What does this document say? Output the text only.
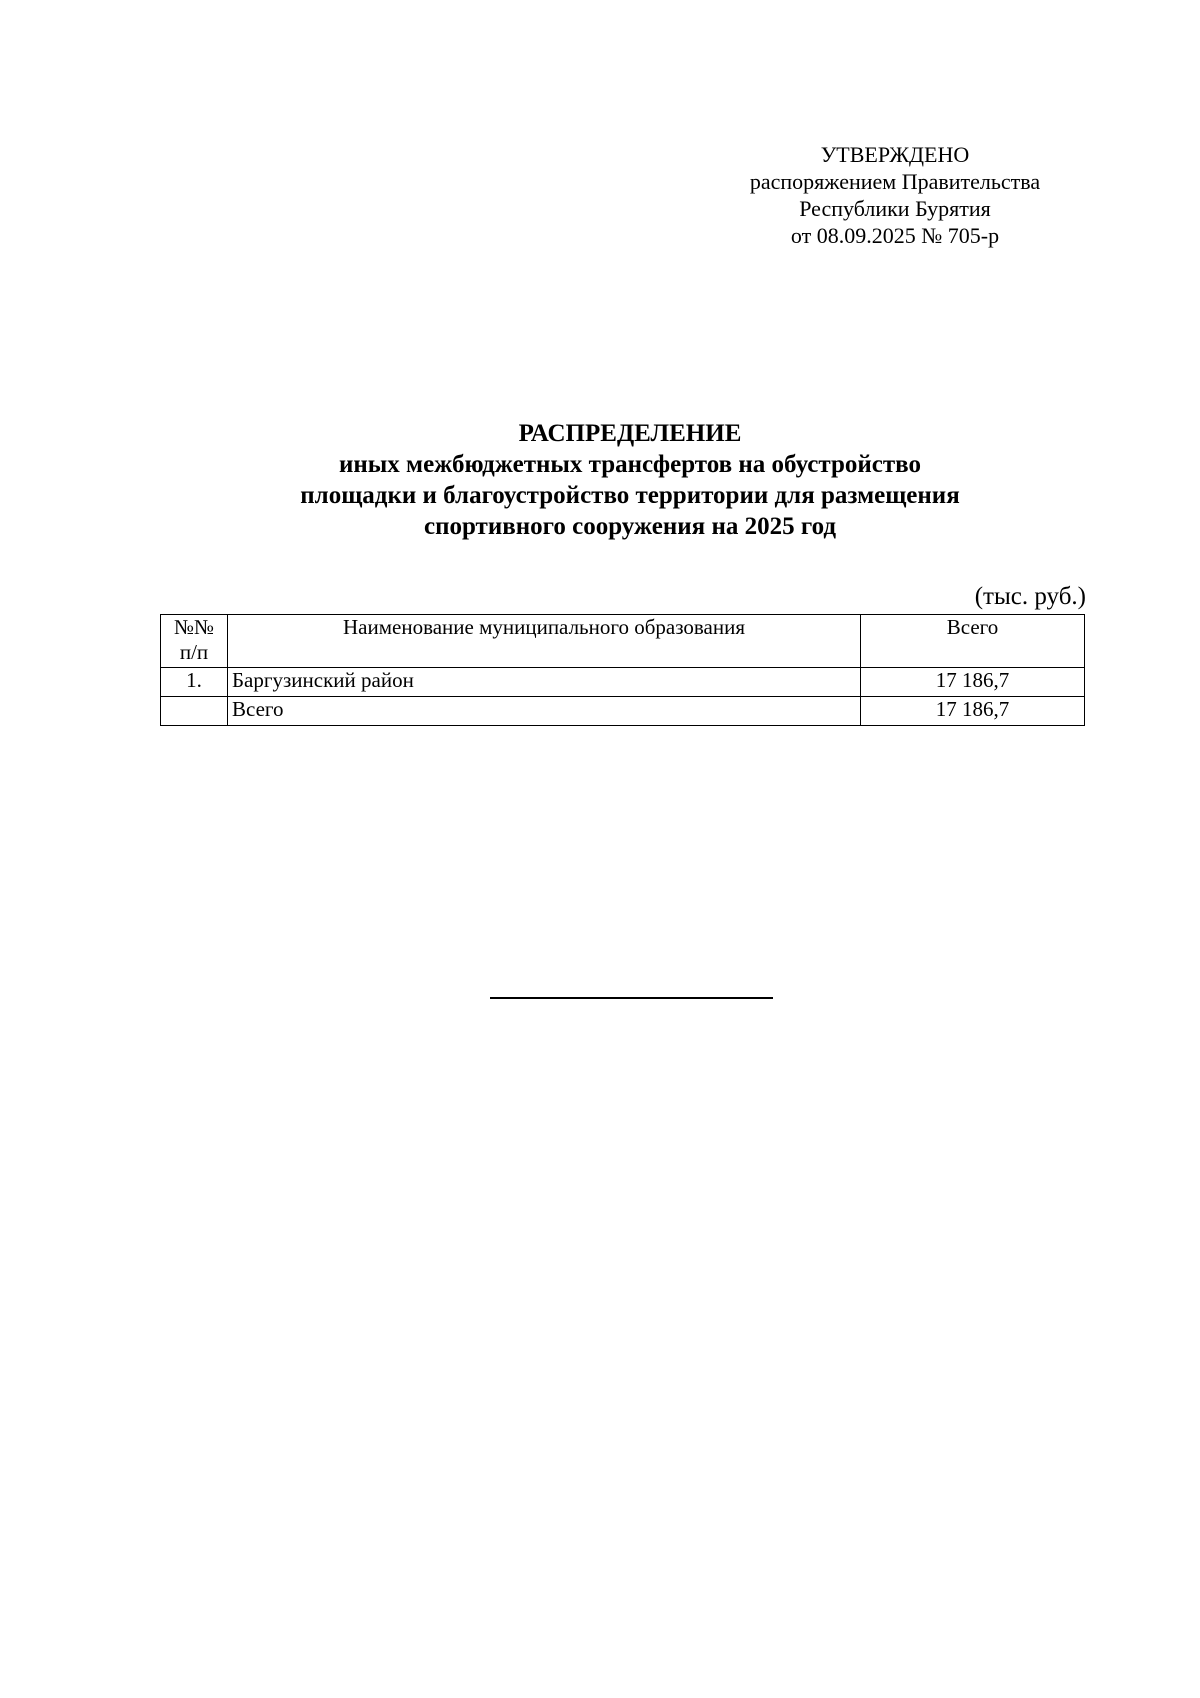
УТВЕРЖДЕНО
распоряжением Правительства
Республики Бурятия
от 08.09.2025 № 705-р
РАСПРЕДЕЛЕНИЕ
иных межбюджетных трансфертов на обустройство
площадки и благоустройство территории для размещения
спортивного сооружения на 2025 год
(тыс. руб.)
№№
п/п	Наименование муниципального образования	Всего
1.	Баргузинский район	17 186,7
	Всего	17 186,7
